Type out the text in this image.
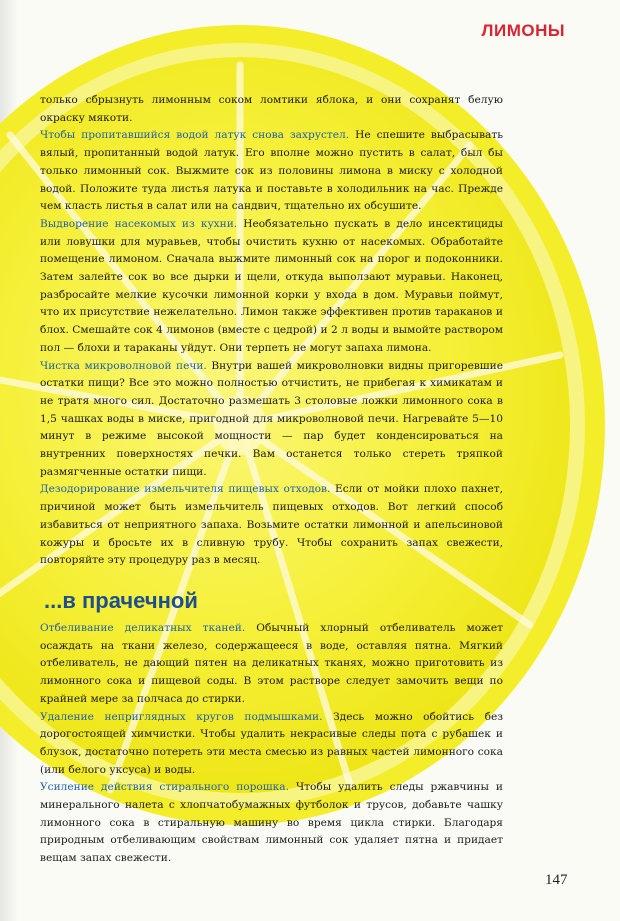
ЛИМОНЫ

только сбрызнуть лимонным соком ломтики яблока, и они сохранят белую окраску мякоти.

Чтобы пропитавшийся водой латук снова захрустел. Не спешите выбрасывать вялый, пропитанный водой латук. Его вполне можно пустить в салат, был бы только лимонный сок. Выжмите сок из половины лимона в миску с холодной водой. Положите туда листья латука и поставьте в холодильник на час. Прежде чем класть листья в салат или на сандвич, тщательно их обсушите.

Выдворение насекомых из кухни. Необязательно пускать в дело инсектициды или ловушки для муравьев, чтобы очистить кухню от насекомых. Обработайте помещение лимоном. Сначала выжмите лимонный сок на порог и подоконники. Затем залейте сок во все дырки и щели, откуда выползают муравьи. Наконец, разбросайте мелкие кусочки лимонной корки у входа в дом. Муравьи поймут, что их присутствие нежелательно. Лимон также эффективен против тараканов и блох. Смешайте сок 4 лимонов (вместе с цедрой) и 2 л воды и вымойте раствором пол — блохи и тараканы уйдут. Они терпеть не могут запаха лимона.

Чистка микроволновой печи. Внутри вашей микроволновки видны пригоревшие остатки пищи? Все это можно полностью отчистить, не прибегая к химикатам и не тратя много сил. Достаточно размешать 3 столовые ложки лимонного сока в 1,5 чашках воды в миске, пригодной для микроволновой печи. Нагревайте 5—10 минут в режиме высокой мощности — пар будет конденсироваться на внутренних поверхностях печки. Вам останется только стереть тряпкой размягченные остатки пищи.

Дезодорирование измельчителя пищевых отходов. Если от мойки плохо пахнет, причиной может быть измельчитель пищевых отходов. Вот легкий способ избавиться от неприятного запаха. Возьмите остатки лимонной и апельсиновой кожуры и бросьте их в сливную трубу. Чтобы сохранить запах свежести, повторяйте эту процедуру раз в месяц.

...в прачечной

Отбеливание деликатных тканей. Обычный хлорный отбеливатель может осаждать на ткани железо, содержащееся в воде, оставляя пятна. Мягкий отбеливатель, не дающий пятен на деликатных тканях, можно приготовить из лимонного сока и пищевой соды. В этом растворе следует замочить вещи по крайней мере за полчаса до стирки.

Удаление неприглядных кругов подмышками. Здесь можно обойтись без дорогостоящей химчистки. Чтобы удалить некрасивые следы пота с рубашек и блузок, достаточно потереть эти места смесью из равных частей лимонного сока (или белого уксуса) и воды.

Усиление действия стирального порошка. Чтобы удалить следы ржавчины и минерального налета с хлопчатобумажных футболок и трусов, добавьте чашку лимонного сока в стиральную машину во время цикла стирки. Благодаря природным отбеливающим свойствам лимонный сок удаляет пятна и придает вещам запах свежести.

147
